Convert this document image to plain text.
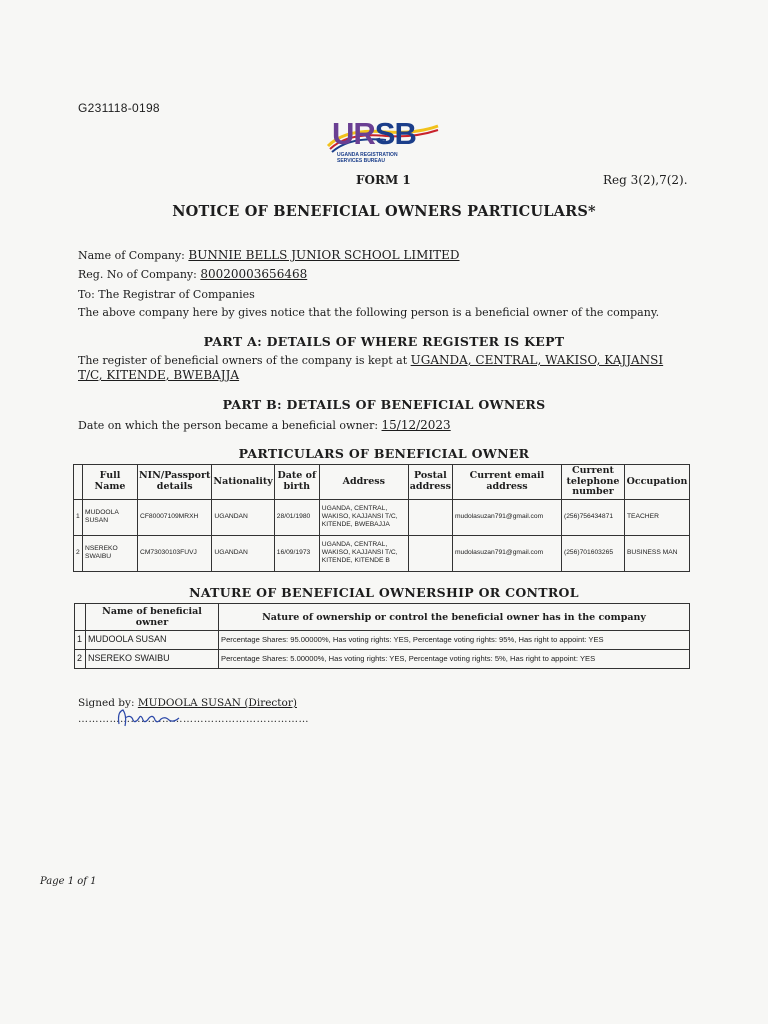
G231118-0198
URSB
UGANDA REGISTRATION
SERVICES BUREAU
FORM 1	Reg 3(2),7(2).
NOTICE OF BENEFICIAL OWNERS PARTICULARS*
Name of Company: BUNNIE BELLS JUNIOR SCHOOL LIMITED
Reg. No of Company: 80020003656468
To: The Registrar of Companies
The above company here by gives notice that the following person is a beneficial owner of the company.
PART A: DETAILS OF WHERE REGISTER IS KEPT
The register of beneficial owners of the company is kept at UGANDA, CENTRAL, WAKISO, KAJJANSI T/C, KITENDE, BWEBAJJA
PART B: DETAILS OF BENEFICIAL OWNERS
Date on which the person became a beneficial owner: 15/12/2023
PARTICULARS OF BENEFICIAL OWNER
	Full Name	NIN/Passport details	Nationality	Date of birth	Address	Postal address	Current email address	Current telephone number	Occupation
1	MUDOOLA SUSAN	CF80007109MRXH	UGANDAN	28/01/1980	UGANDA, CENTRAL, WAKISO, KAJJANSI T/C, KITENDE, BWEBAJJA		mudolasuzan791@gmail.com	(256)756434871	TEACHER
2	NSEREKO SWAIBU	CM73030103FUVJ	UGANDAN	16/09/1973	UGANDA, CENTRAL, WAKISO, KAJJANSI T/C, KITENDE, KITENDE B		mudolasuzan791@gmail.com	(256)701603265	BUSINESS MAN
NATURE OF BENEFICIAL OWNERSHIP OR CONTROL
	Name of beneficial owner	Nature of ownership or control the beneficial owner has in the company
1	MUDOOLA SUSAN	Percentage Shares: 95.00000%, Has voting rights: YES, Percentage voting rights: 95%, Has right to appoint: YES
2	NSEREKO SWAIBU	Percentage Shares: 5.00000%, Has voting rights: YES, Percentage voting rights: 5%, Has right to appoint: YES
Signed by: MUDOOLA SUSAN (Director)
…………………………………………………………
Page 1 of 1
